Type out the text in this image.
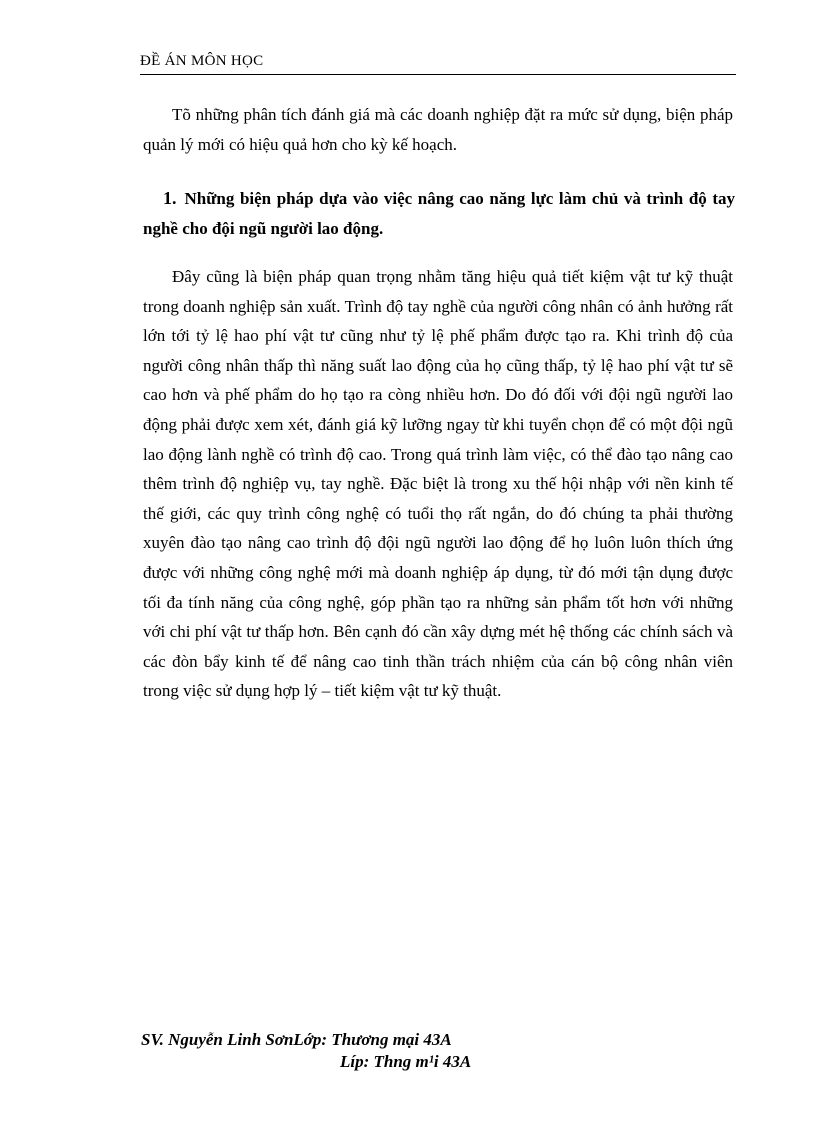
ĐỀ ÁN MÔN HỌC

Tõ những phân tích đánh giá mà các doanh nghiệp đặt ra mức sử dụng, biện pháp quản lý mới có hiệu quả hơn cho kỳ kế hoạch.

1. Những biện pháp dựa vào việc nâng cao năng lực làm chủ và trình độ tay nghề cho đội ngũ người lao động.

Đây cũng là biện pháp quan trọng nhằm tăng hiệu quả tiết kiệm vật tư kỹ thuật trong doanh nghiệp sản xuất. Trình độ tay nghề của người công nhân có ảnh hưởng rất lớn tới tỷ lệ hao phí vật tư cũng như tỷ lệ phế phẩm được tạo ra. Khi trình độ của người công nhân thấp thì năng suất lao động của họ cũng thấp, tỷ lệ hao phí vật tư sẽ cao hơn và phế phẩm do họ tạo ra còng nhiều hơn. Do đó đối với đội ngũ người lao động phải được xem xét, đánh giá kỹ lưỡng ngay từ khi tuyển chọn để có một đội ngũ lao động lành nghề có trình độ cao. Trong quá trình làm việc, có thể đào tạo nâng cao thêm trình độ nghiệp vụ, tay nghề. Đặc biệt là trong xu thế hội nhập với nền kinh tế thế giới, các quy trình công nghệ có tuổi thọ rất ngắn, do đó chúng ta phải thường xuyên đào tạo nâng cao trình độ đội ngũ người lao động để họ luôn luôn thích ứng được với những công nghệ mới mà doanh nghiệp áp dụng, từ đó mới tận dụng được tối đa tính năng của công nghệ, góp phần tạo ra những sản phẩm tốt hơn với những với chi phí vật tư thấp hơn. Bên cạnh đó cần xây dựng mét hệ thống các chính sách và các đòn bẩy kinh tế để nâng cao tinh thần trách nhiệm của cán bộ công nhân viên trong việc sử dụng hợp lý – tiết kiệm vật tư kỹ thuật.

SV. Nguyễn Linh SơnLớp: Thương mại 43A
Líp: Thng m¹i 43A
